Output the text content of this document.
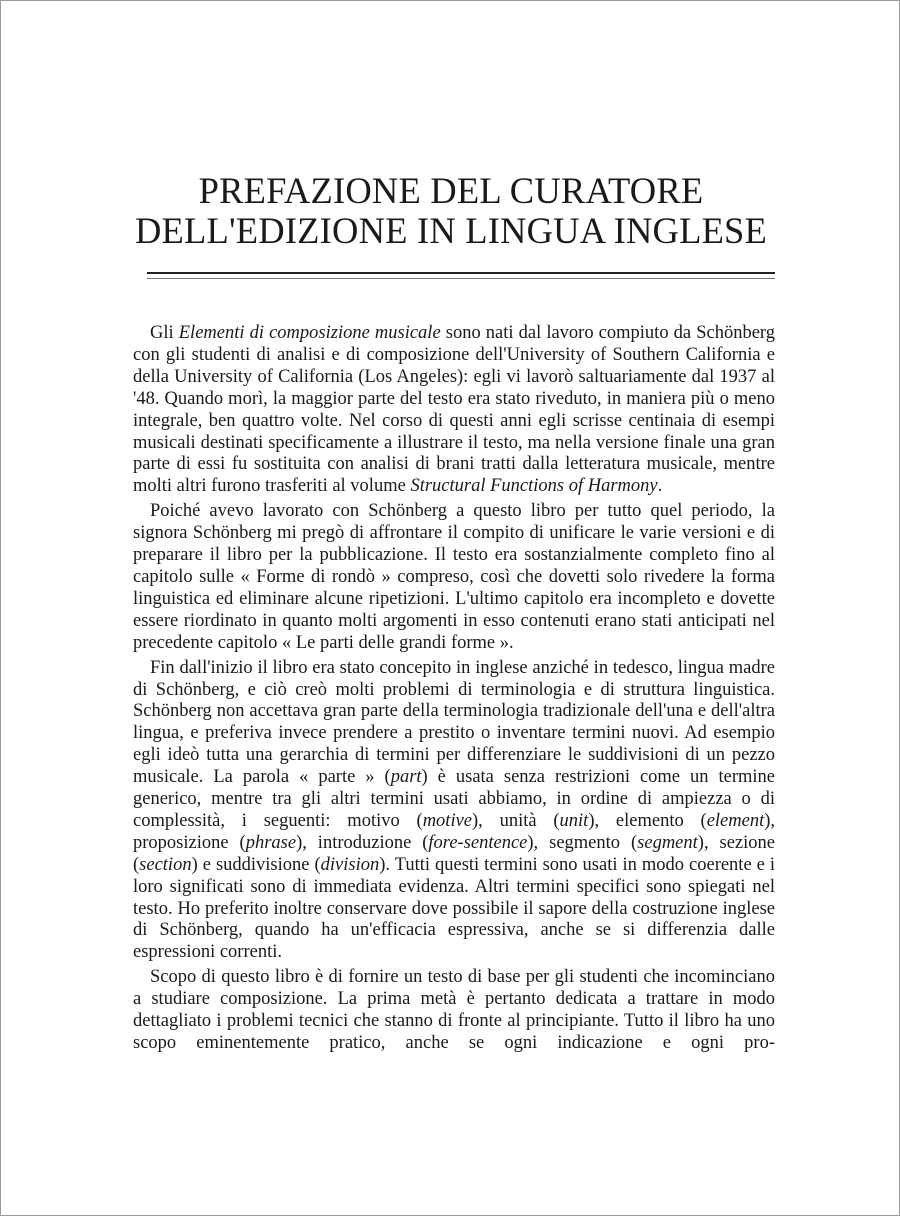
PREFAZIONE DEL CURATORE
DELL'EDIZIONE IN LINGUA INGLESE

Gli Elementi di composizione musicale sono nati dal lavoro compiuto da Schönberg con gli studenti di analisi e di composizione dell'University of Southern California e della University of California (Los Angeles): egli vi lavorò saltuariamente dal 1937 al '48. Quando morì, la maggior parte del testo era stato riveduto, in maniera più o meno integrale, ben quattro volte. Nel corso di questi anni egli scrisse centinaia di esempi musicali destinati specificamente a illustrare il testo, ma nella versione finale una gran parte di essi fu sostituita con analisi di brani tratti dalla letteratura musicale, mentre molti altri furono trasferiti al volume Structural Functions of Harmony.

Poiché avevo lavorato con Schönberg a questo libro per tutto quel periodo, la signora Schönberg mi pregò di affrontare il compito di unificare le varie versioni e di preparare il libro per la pubblicazione. Il testo era sostanzialmente completo fino al capitolo sulle « Forme di rondò » compreso, così che dovetti solo rivedere la forma linguistica ed eliminare alcune ripetizioni. L'ultimo capitolo era incompleto e dovette essere riordinato in quanto molti argomenti in esso contenuti erano stati anticipati nel precedente capitolo « Le parti delle grandi forme ».

Fin dall'inizio il libro era stato concepito in inglese anziché in tedesco, lingua madre di Schönberg, e ciò creò molti problemi di terminologia e di struttura linguistica. Schönberg non accettava gran parte della terminologia tradizionale dell'una e dell'altra lingua, e preferiva invece prendere a prestito o inventare termini nuovi. Ad esempio egli ideò tutta una gerarchia di termini per differenziare le suddivisioni di un pezzo musicale. La parola « parte » (part) è usata senza restrizioni come un termine generico, mentre tra gli altri termini usati abbiamo, in ordine di ampiezza o di complessità, i seguenti: motivo (motive), unità (unit), elemento (element), proposizione (phrase), introduzione (fore-sentence), segmento (segment), sezione (section) e suddivisione (division). Tutti questi termini sono usati in modo coerente e i loro significati sono di immediata evidenza. Altri termini specifici sono spiegati nel testo. Ho preferito inoltre conservare dove possibile il sapore della costruzione inglese di Schönberg, quando ha un'efficacia espressiva, anche se si differenzia dalle espressioni correnti.

Scopo di questo libro è di fornire un testo di base per gli studenti che incominciano a studiare composizione. La prima metà è pertanto dedicata a trattare in modo dettagliato i problemi tecnici che stanno di fronte al principiante. Tutto il libro ha uno scopo eminentemente pratico, anche se ogni indicazione e ogni pro-
